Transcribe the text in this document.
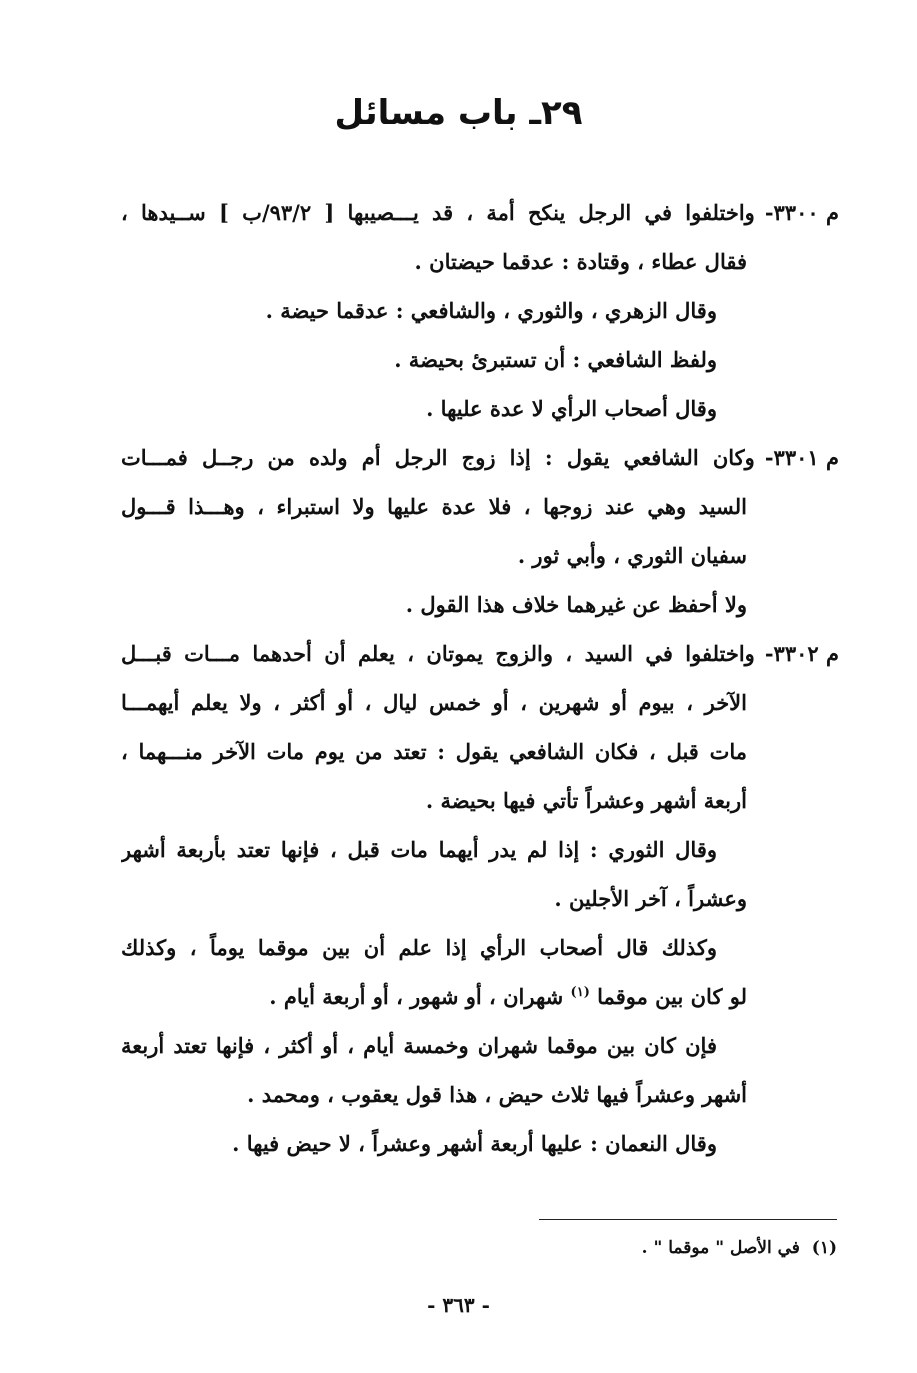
٢٩ـ باب مسائل
م ٣٣٠٠-واختلفوا في الرجل ينكح أمة ، قد يـــصيبها [ ٩٣/٢/ب ] ســيدها ،
فقال عطاء ، وقتادة : عدقما حيضتان .
وقال الزهري ، والثوري ، والشافعي : عدقما حيضة .
ولفظ الشافعي : أن تستبرئ بحيضة .
وقال أصحاب الرأي لا عدة عليها .
م ٣٣٠١-وكان الشافعي يقول : إذا زوج الرجل أم ولده من رجــل فمـــات
السيد وهي عند زوجها ، فلا عدة عليها ولا استبراء ، وهـــذا قـــول
سفيان الثوري ، وأبي ثور .
ولا أحفظ عن غيرهما خلاف هذا القول .
م ٣٣٠٢-واختلفوا في السيد ، والزوج يموتان ، يعلم أن أحدهما مـــات قبـــل
الآخر ، بيوم أو شهرين ، أو خمس ليال ، أو أكثر ، ولا يعلم أيهمـــا
مات قبل ، فكان الشافعي يقول : تعتد من يوم مات الآخر منـــهما ،
أربعة أشهر وعشراً تأتي فيها بحيضة .
وقال الثوري : إذا لم يدر أيهما مات قبل ، فإنها تعتد بأربعة أشهر
وعشراً ، آخر الأجلين .
وكذلك قال أصحاب الرأي إذا علم أن بين موقما يوماً ، وكذلك
لو كان بين موقما $^{(١)}$ شهران ، أو شهور ، أو أربعة أيام .
فإن كان بين موقما شهران وخمسة أيام ، أو أكثر ، فإنها تعتد أربعة
أشهر وعشراً فيها ثلاث حيض ، هذا قول يعقوب ، ومحمد .
وقال النعمان : عليها أربعة أشهر وعشراً ، لا حيض فيها .
(١)  في الأصل " موقما " .
- ٣٦٣ -
